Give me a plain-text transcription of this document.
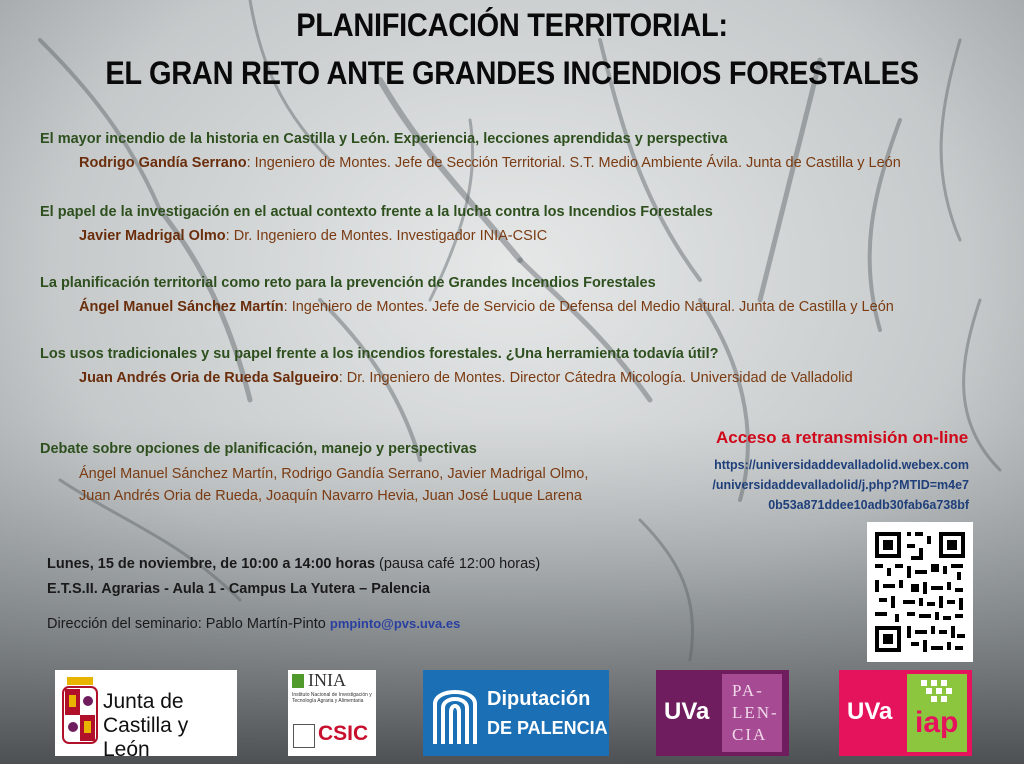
PLANIFICACIÓN TERRITORIAL:
EL GRAN RETO ANTE GRANDES INCENDIOS FORESTALES
El mayor incendio de la historia en Castilla y León. Experiencia, lecciones aprendidas y perspectiva
Rodrigo Gandía Serrano: Ingeniero de Montes. Jefe de Sección Territorial. S.T. Medio Ambiente Ávila. Junta de Castilla y León
El papel de la investigación en el actual contexto frente a la lucha contra los Incendios Forestales
Javier Madrigal Olmo: Dr. Ingeniero de Montes. Investigador INIA-CSIC
La planificación territorial como reto para la prevención de Grandes Incendios Forestales
Ángel Manuel Sánchez Martín: Ingeniero de Montes. Jefe de Servicio de Defensa del Medio Natural. Junta de Castilla y León
Los usos tradicionales y su papel frente a los incendios forestales. ¿Una herramienta todavía útil?
Juan Andrés Oria de Rueda Salgueiro: Dr. Ingeniero de Montes. Director Cátedra Micología. Universidad de Valladolid
Debate sobre opciones de planificación, manejo y perspectivas
Ángel Manuel Sánchez Martín, Rodrigo Gandía Serrano, Javier Madrigal Olmo,
Juan Andrés Oria de Rueda, Joaquín Navarro Hevia, Juan José Luque Larena
Lunes, 15 de noviembre, de 10:00 a 14:00 horas (pausa café 12:00 horas)
E.T.S.II. Agrarias - Aula 1 - Campus La Yutera – Palencia
Dirección del seminario: Pablo Martín-Pinto pmpinto@pvs.uva.es
Acceso a retransmisión on-line
https://universidaddevalladolid.webex.com
/universidaddevalladolid/j.php?MTID=m4e7
0b53a871ddee10adb30fab6a738bf
Junta de
Castilla y León
INIA
Instituto Nacional de Investigación y Tecnología Agraria y Alimentaria
CSIC
Diputación
DE PALENCIA
UVa
PA-
LEN-
CIA
UVa iap
